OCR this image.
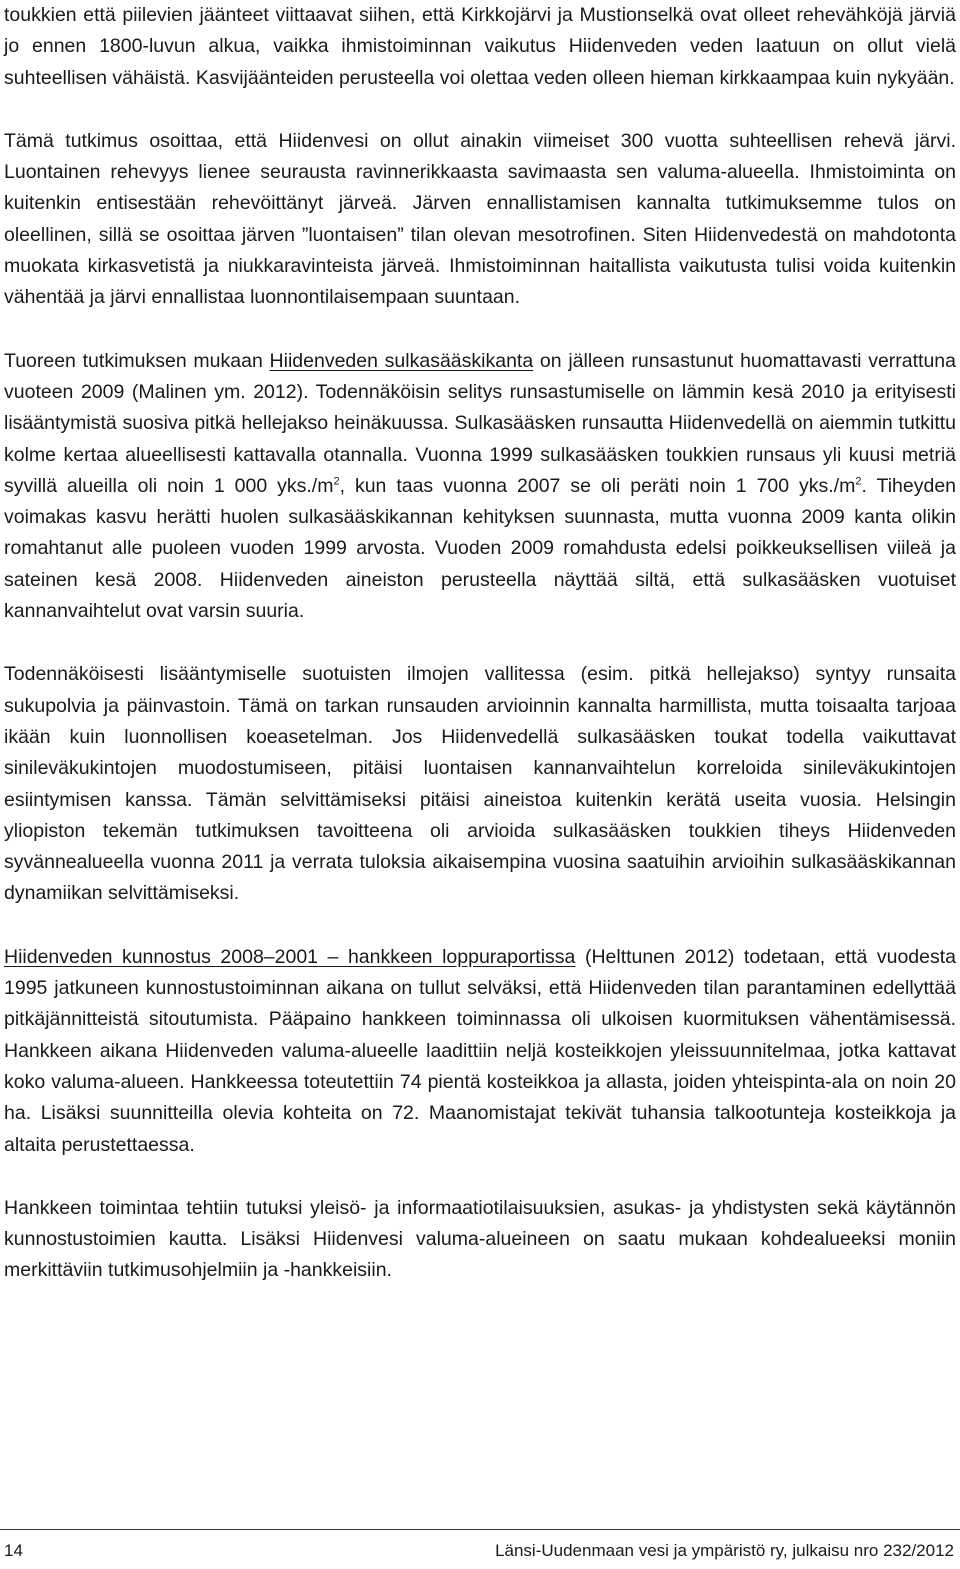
toukkien että piilevien jäänteet viittaavat siihen, että Kirkkojärvi ja Mustionselkä ovat olleet rehevähköjä järviä jo ennen 1800-luvun alkua, vaikka ihmistoiminnan vaikutus Hiidenveden veden laatuun on ollut vielä suhteellisen vähäistä. Kasvijäänteiden perusteella voi olettaa veden olleen hieman kirkkaampaa kuin nykyään.

Tämä tutkimus osoittaa, että Hiidenvesi on ollut ainakin viimeiset 300 vuotta suhteellisen rehevä järvi. Luontainen rehevyys lienee seurausta ravinnerikkaasta savimaasta sen valuma-alueella. Ihmistoiminta on kuitenkin entisestään rehevöittänyt järveä. Järven ennallistamisen kannalta tutkimuksemme tulos on oleellinen, sillä se osoittaa järven ”luontaisen” tilan olevan mesotrofinen. Siten Hiidenvedestä on mahdotonta muokata kirkasvetistä ja niukkaravinteista järveä. Ihmistoiminnan haitallista vaikutusta tulisi voida kuitenkin vähentää ja järvi ennallistaa luonnontilaisempaan suuntaan.

Tuoreen tutkimuksen mukaan Hiidenveden sulkasääskikanta on jälleen runsastunut huomattavasti verrattuna vuoteen 2009 (Malinen ym. 2012). Todennäköisin selitys runsastumiselle on lämmin kesä 2010 ja erityisesti lisääntymistä suosiva pitkä hellejakso heinäkuussa. Sulkasääsken runsautta Hiidenvedellä on aiemmin tutkittu kolme kertaa alueellisesti kattavalla otannalla. Vuonna 1999 sulkasääsken toukkien runsaus yli kuusi metriä syvillä alueilla oli noin 1 000 $yks./m^2$, kun taas vuonna 2007 se oli peräti noin 1 700 $yks./m^2$. Tiheyden voimakas kasvu herätti huolen sulkasääskikannan kehityksen suunnasta, mutta vuonna 2009 kanta olikin romahtanut alle puoleen vuoden 1999 arvosta. Vuoden 2009 romahdusta edelsi poikkeuksellisen viileä ja sateinen kesä 2008. Hiidenveden aineiston perusteella näyttää siltä, että sulkasääsken vuotuiset kannanvaihtelut ovat varsin suuria.

Todennäköisesti lisääntymiselle suotuisten ilmojen vallitessa (esim. pitkä hellejakso) syntyy runsaita sukupolvia ja päinvastoin. Tämä on tarkan runsauden arvioinnin kannalta harmillista, mutta toisaalta tarjoaa ikään kuin luonnollisen koeasetelman. Jos Hiidenvedellä sulkasääsken toukat todella vaikuttavat sinileväkukintojen muodostumiseen, pitäisi luontaisen kannanvaihtelun korreloida sinileväkukintojen esiintymisen kanssa. Tämän selvittämiseksi pitäisi aineistoa kuitenkin kerätä useita vuosia. Helsingin yliopiston tekemän tutkimuksen tavoitteena oli arvioida sulkasääsken toukkien tiheys Hiidenveden syvännealueella vuonna 2011 ja verrata tuloksia aikaisempina vuosina saatuihin arvioihin sulkasääskikannan dynamiikan selvittämiseksi.

Hiidenveden kunnostus 2008–2001 – hankkeen loppuraportissa (Helttunen 2012) todetaan, että vuodesta 1995 jatkuneen kunnostustoiminnan aikana on tullut selväksi, että Hiidenveden tilan parantaminen edellyttää pitkäjännitteistä sitoutumista. Pääpaino hankkeen toiminnassa oli ulkoisen kuormituksen vähentämisessä. Hankkeen aikana Hiidenveden valuma-alueelle laadittiin neljä kosteikkojen yleissuunnitelmaa, jotka kattavat koko valuma-alueen. Hankkeessa toteutettiin 74 pientä kosteikkoa ja allasta, joiden yhteispinta-ala on noin 20 ha. Lisäksi suunnitteilla olevia kohteita on 72. Maanomistajat tekivät tuhansia talkootunteja kosteikkoja ja altaita perustettaessa.

Hankkeen toimintaa tehtiin tutuksi yleisö- ja informaatiotilaisuuksien, asukas- ja yhdistysten sekä käytännön kunnostustoimien kautta. Lisäksi Hiidenvesi valuma-alueineen on saatu mukaan kohdealueeksi moniin merkittäviin tutkimusohjelmiin ja -hankkeisiin.

14	Länsi-Uudenmaan vesi ja ympäristö ry, julkaisu nro 232/2012
